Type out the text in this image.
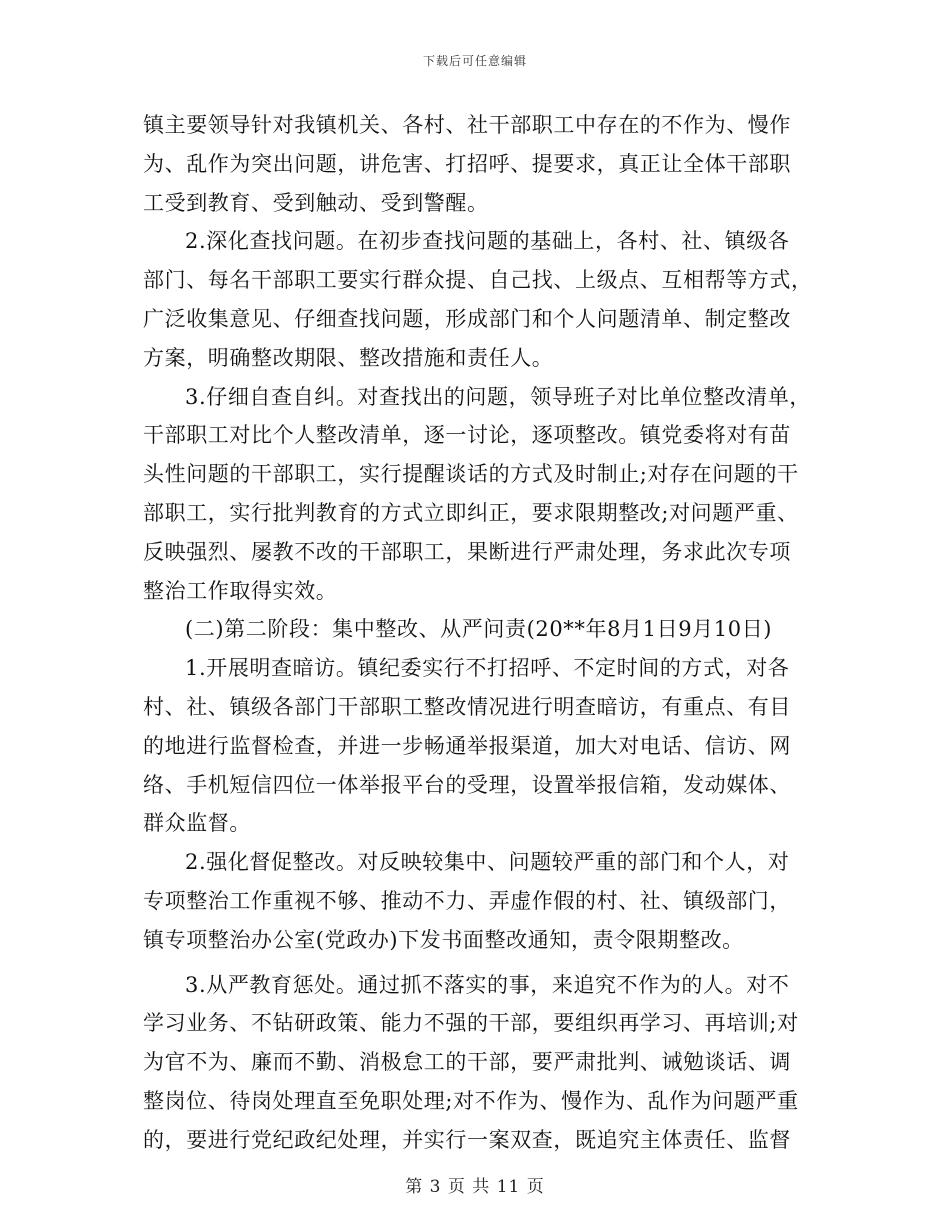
下载后可任意编辑
镇主要领导针对我镇机关、各村、社干部职工中存在的不作为、慢作
为、乱作为突出问题，讲危害、打招呼、提要求，真正让全体干部职
工受到教育、受到触动、受到警醒。
2.深化查找问题。在初步查找问题的基础上，各村、社、镇级各
部门、每名干部职工要实行群众提、自己找、上级点、互相帮等方式，
广泛收集意见、仔细查找问题，形成部门和个人问题清单、制定整改
方案，明确整改期限、整改措施和责任人。
3.仔细自查自纠。对查找出的问题，领导班子对比单位整改清单，
干部职工对比个人整改清单，逐一讨论，逐项整改。镇党委将对有苗
头性问题的干部职工，实行提醒谈话的方式及时制止;对存在问题的干
部职工，实行批判教育的方式立即纠正，要求限期整改;对问题严重、
反映强烈、屡教不改的干部职工，果断进行严肃处理，务求此次专项
整治工作取得实效。
(二)第二阶段：集中整改、从严问责(20**年8月1日9月10日)
1.开展明查暗访。镇纪委实行不打招呼、不定时间的方式，对各
村、社、镇级各部门干部职工整改情况进行明查暗访，有重点、有目
的地进行监督检查，并进一步畅通举报渠道，加大对电话、信访、网
络、手机短信四位一体举报平台的受理，设置举报信箱，发动媒体、
群众监督。
2.强化督促整改。对反映较集中、问题较严重的部门和个人，对
专项整治工作重视不够、推动不力、弄虚作假的村、社、镇级部门，
镇专项整治办公室(党政办)下发书面整改通知，责令限期整改。
3.从严教育惩处。通过抓不落实的事，来追究不作为的人。对不
学习业务、不钻研政策、能力不强的干部，要组织再学习、再培训;对
为官不为、廉而不勤、消极怠工的干部，要严肃批判、诫勉谈话、调
整岗位、待岗处理直至免职处理;对不作为、慢作为、乱作为问题严重
的，要进行党纪政纪处理，并实行一案双查，既追究主体责任、监督
第 3 页 共 11 页
